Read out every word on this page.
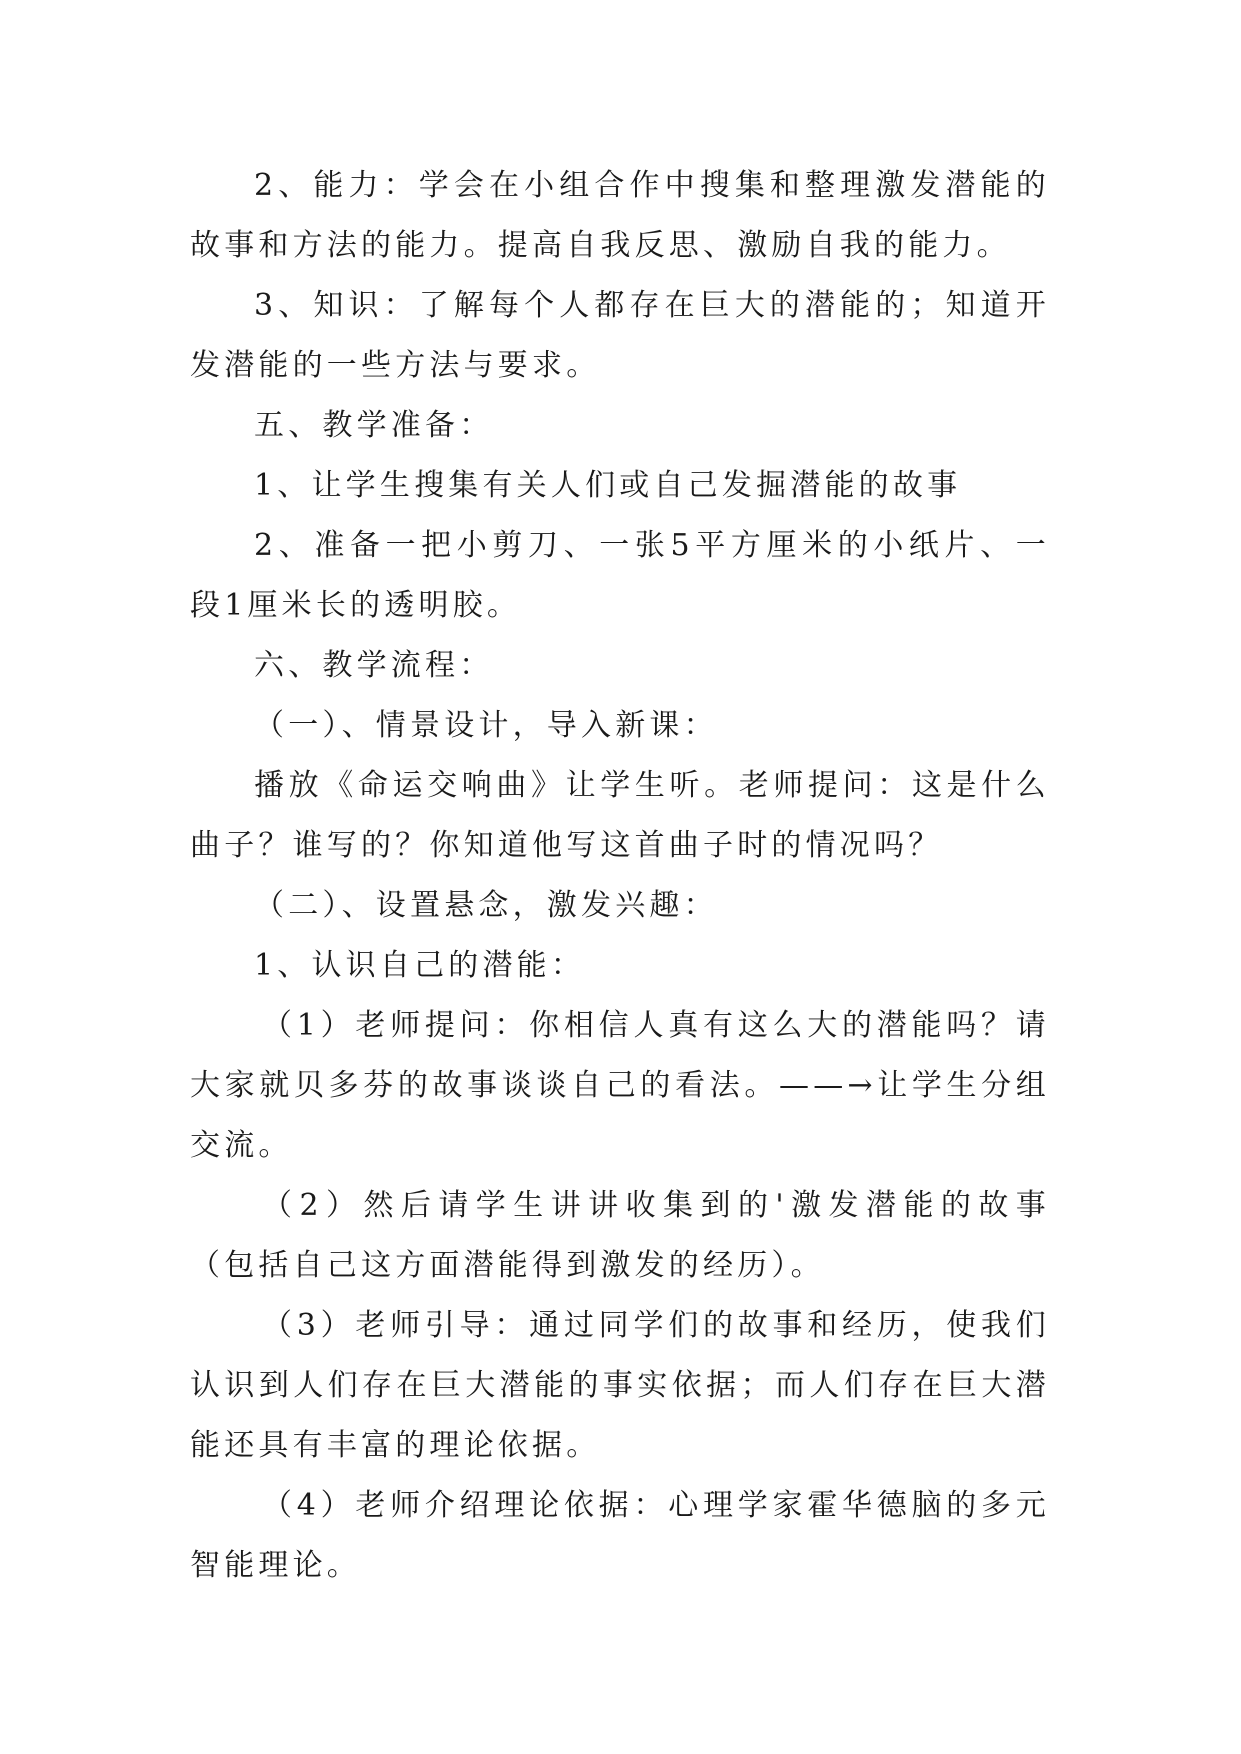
2、能力：学会在小组合作中搜集和整理激发潜能的故事和方法的能力。提高自我反思、激励自我的能力。

3、知识：了解每个人都存在巨大的潜能的；知道开发潜能的一些方法与要求。

五、教学准备：

1、让学生搜集有关人们或自己发掘潜能的故事

2、准备一把小剪刀、一张5平方厘米的小纸片、一段1厘米长的透明胶。

六、教学流程：

（一）、情景设计，导入新课：

播放《命运交响曲》让学生听。老师提问：这是什么曲子？谁写的？你知道他写这首曲子时的情况吗？

（二）、设置悬念，激发兴趣：

1、认识自己的潜能：

（1）老师提问：你相信人真有这么大的潜能吗？请大家就贝多芬的故事谈谈自己的看法。——→让学生分组交流。

（2）然后请学生讲讲收集到的'激发潜能的故事（包括自己这方面潜能得到激发的经历）。

（3）老师引导：通过同学们的故事和经历，使我们认识到人们存在巨大潜能的事实依据；而人们存在巨大潜能还具有丰富的理论依据。

（4）老师介绍理论依据：心理学家霍华德脑的多元智能理论。
